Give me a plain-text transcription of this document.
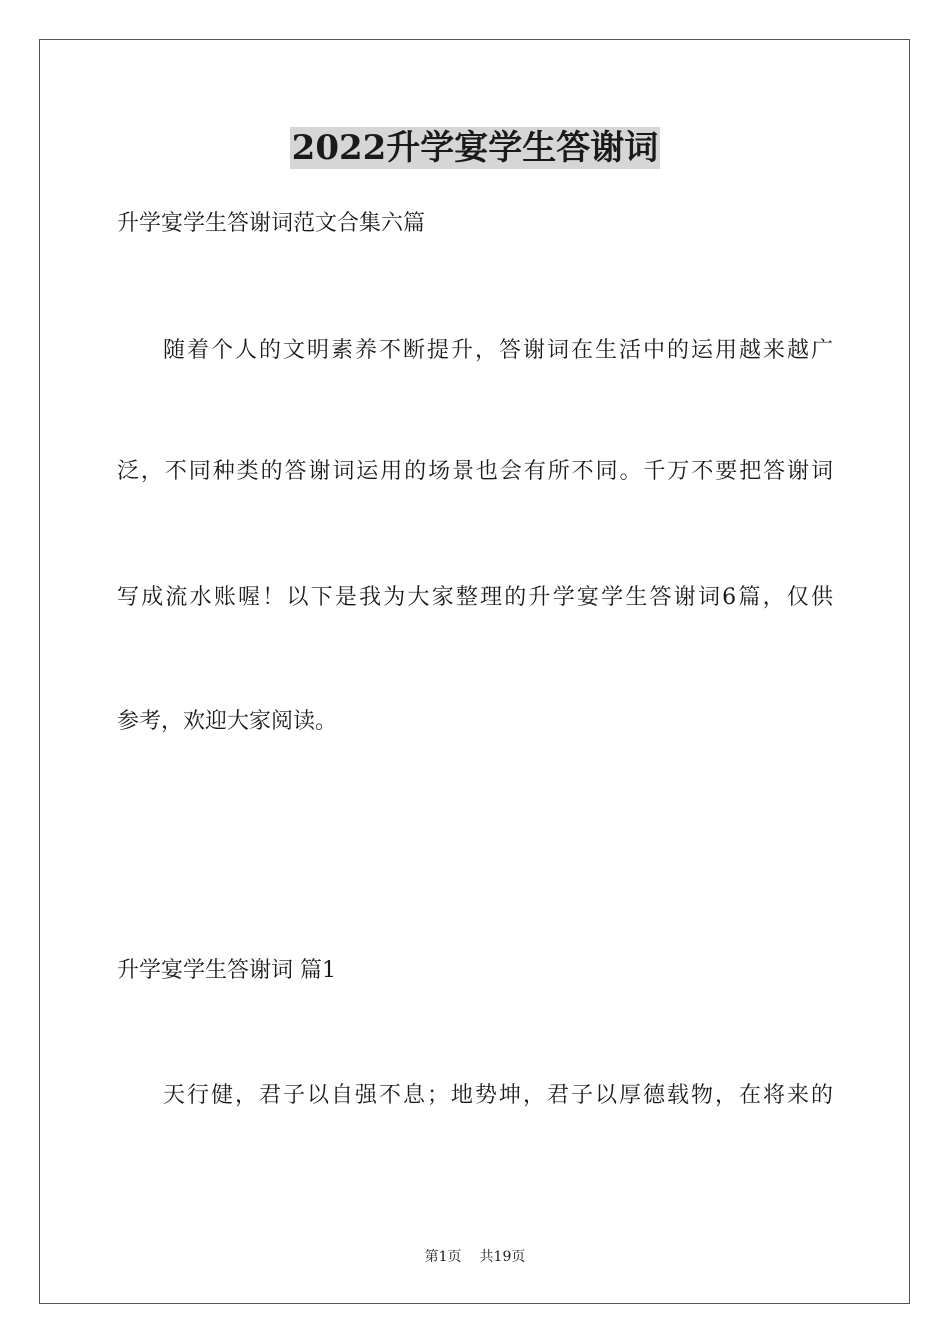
2022升学宴学生答谢词
升学宴学生答谢词范文合集六篇
随着个人的文明素养不断提升，答谢词在生活中的运用越来越广
泛，不同种类的答谢词运用的场景也会有所不同。千万不要把答谢词
写成流水账喔！以下是我为大家整理的升学宴学生答谢词6篇，仅供
参考，欢迎大家阅读。
升学宴学生答谢词 篇1
天行健，君子以自强不息；地势坤，君子以厚德载物，在将来的
第1页 共19页
